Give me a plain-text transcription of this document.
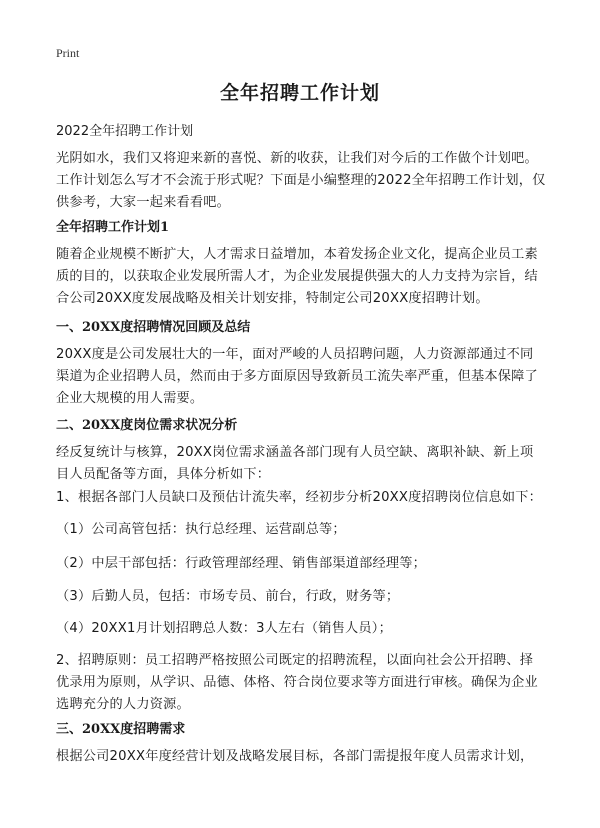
Print
全年招聘工作计划
2022全年招聘工作计划
光阴如水，我们又将迎来新的喜悦、新的收获，让我们对今后的工作做个计划吧。
工作计划怎么写才不会流于形式呢？下面是小编整理的2022全年招聘工作计划，仅
供参考，大家一起来看看吧。
全年招聘工作计划1
随着企业规模不断扩大，人才需求日益增加，本着发扬企业文化，提高企业员工素
质的目的，以获取企业发展所需人才，为企业发展提供强大的人力支持为宗旨，结
合公司20XX度发展战略及相关计划安排，特制定公司20XX度招聘计划。
一、20XX度招聘情况回顾及总结
20XX度是公司发展壮大的一年，面对严峻的人员招聘问题，人力资源部通过不同
渠道为企业招聘人员，然而由于多方面原因导致新员工流失率严重，但基本保障了
企业大规模的用人需要。
二、20XX度岗位需求状况分析
经反复统计与核算，20XX岗位需求涵盖各部门现有人员空缺、离职补缺、新上项
目人员配备等方面，具体分析如下：
1、根据各部门人员缺口及预估计流失率，经初步分析20XX度招聘岗位信息如下：
（1）公司高管包括：执行总经理、运营副总等；
（2）中层干部包括：行政管理部经理、销售部渠道部经理等；
（3）后勤人员，包括：市场专员、前台，行政，财务等；
（4）20XX1月计划招聘总人数：3人左右（销售人员）；
2、招聘原则：员工招聘严格按照公司既定的招聘流程，以面向社会公开招聘、择
优录用为原则，从学识、品德、体格、符合岗位要求等方面进行审核。确保为企业
选聘充分的人力资源。
三、20XX度招聘需求
根据公司20XX年度经营计划及战略发展目标，各部门需提报年度人员需求计划，
